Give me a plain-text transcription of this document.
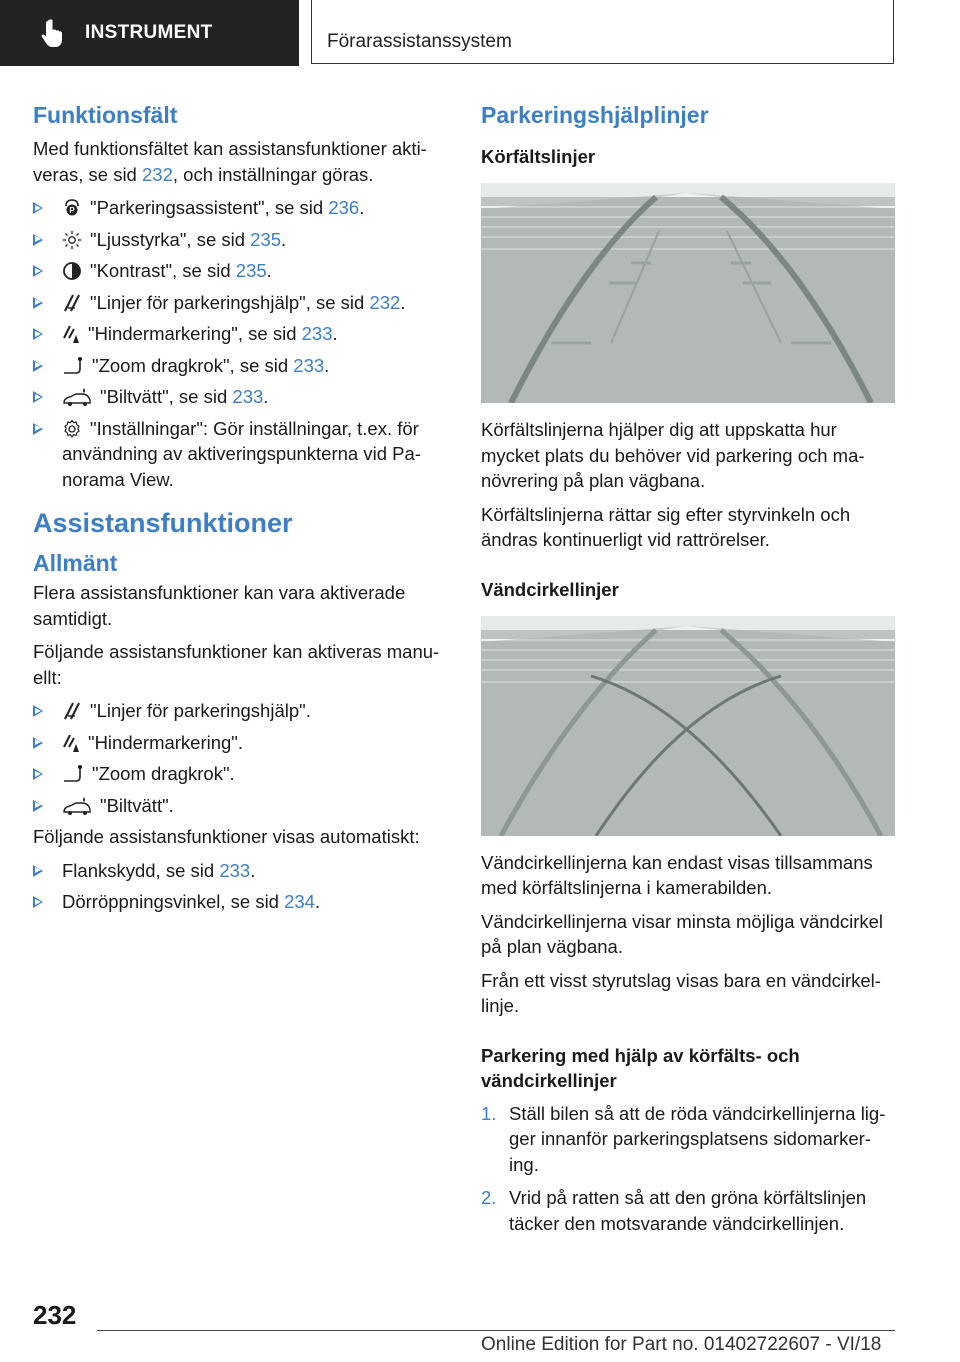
INSTRUMENT	Förarassistanssystem
Funktionsfält

Med funktionsfältet kan assistansfunktioner akti-veras, se sid 232, och inställningar göras.

P "Parkeringsassistent", se sid 236.
"Ljusstyrka", se sid 235.
"Kontrast", se sid 235.
"Linjer för parkeringshjälp", se sid 232.
"Hindermarkering", se sid 233.
"Zoom dragkrok", se sid 233.
"Biltvätt", se sid 233.
"Inställningar": Gör inställningar, t.ex. för användning av aktiveringspunkterna vid Pa-norama View.
Assistansfunktioner
Allmänt

Flera assistansfunktioner kan vara aktiverade samtidigt.

Följande assistansfunktioner kan aktiveras manu-ellt:

"Linjer för parkeringshjälp".
"Hindermarkering".
"Zoom dragkrok".
"Biltvätt".

Följande assistansfunktioner visas automatiskt:

Flankskydd, se sid 233.
Dörröppningsvinkel, se sid 234.
Parkeringshjälplinjer
Körfältslinjer

Körfältslinjerna hjälper dig att uppskatta hur mycket plats du behöver vid parkering och ma-növrering på plan vägbana.

Körfältslinjerna rättar sig efter styrvinkeln och ändras kontinuerligt vid rattrörelser.

Vändcirkellinjer

Vändcirkellinjerna kan endast visas tillsammans med körfältslinjerna i kamerabilden.

Vändcirkellinjerna visar minsta möjliga vändcirkel på plan vägbana.

Från ett visst styrutslag visas bara en vändcirkel-linje.

Parkering med hjälp av körfälts- och vändcirkellinjer
1. Ställ bilen så att de röda vändcirkellinjerna lig-ger innanför parkeringsplatsens sidomarker-ing.
2. Vrid på ratten så att den gröna körfältslinjen täcker den motsvarande vändcirkellinjen.
232
Online Edition for Part no. 01402722607 - VI/18
